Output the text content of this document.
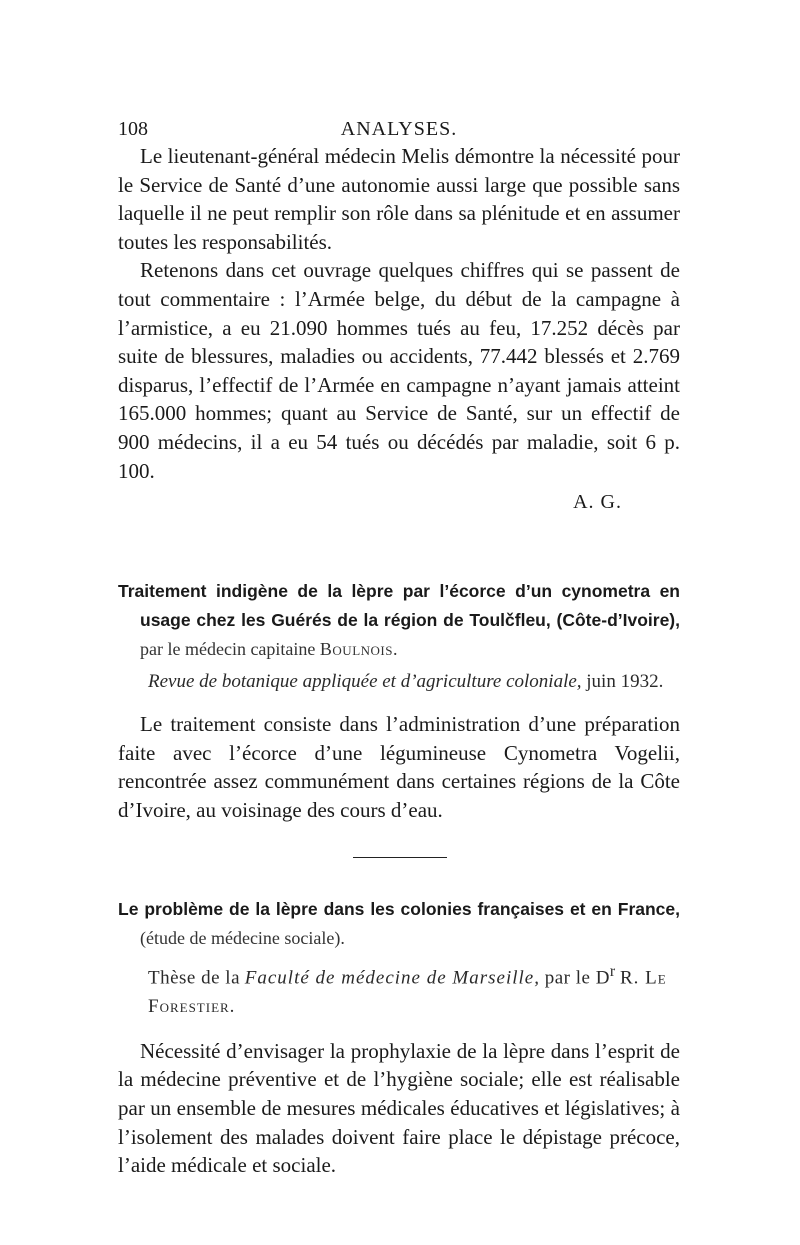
108	ANALYSES.

Le lieutenant-général médecin Melis démontre la nécessité pour le Service de Santé d’une autonomie aussi large que possible sans laquelle il ne peut remplir son rôle dans sa plénitude et en assumer toutes les responsabilités.

Retenons dans cet ouvrage quelques chiffres qui se passent de tout commentaire : l’Armée belge, du début de la campagne à l’armistice, a eu 21.090 hommes tués au feu, 17.252 décès par suite de blessures, maladies ou accidents, 77.442 blessés et 2.769 disparus, l’effectif de l’Armée en campagne n’ayant jamais atteint 165.000 hommes; quant au Service de Santé, sur un effectif de 900 médecins, il a eu 54 tués ou décédés par maladie, soit 6 p. 100.

A. G.

Traitement indigène de la lèpre par l’écorce d’un cynometra en usage chez les Guérés de la région de Toulčfleu, (Côte-d’Ivoire), par le médecin capitaine Boulnois.

Revue de botanique appliquée et d’agriculture coloniale, juin 1932.

Le traitement consiste dans l’administration d’une préparation faite avec l’écorce d’une légumineuse Cynometra Vogelii, rencontrée assez communément dans certaines régions de la Côte d’Ivoire, au voisinage des cours d’eau.

Le problème de la lèpre dans les colonies françaises et en France, (étude de médecine sociale).

Thèse de la Faculté de médecine de Marseille, par le $D^r$ R. Le Forestier.

Nécessité d’envisager la prophylaxie de la lèpre dans l’esprit de la médecine préventive et de l’hygiène sociale; elle est réalisable par un ensemble de mesures médicales éducatives et législatives; à l’isolement des malades doivent faire place le dépistage précoce, l’aide médicale et sociale.
